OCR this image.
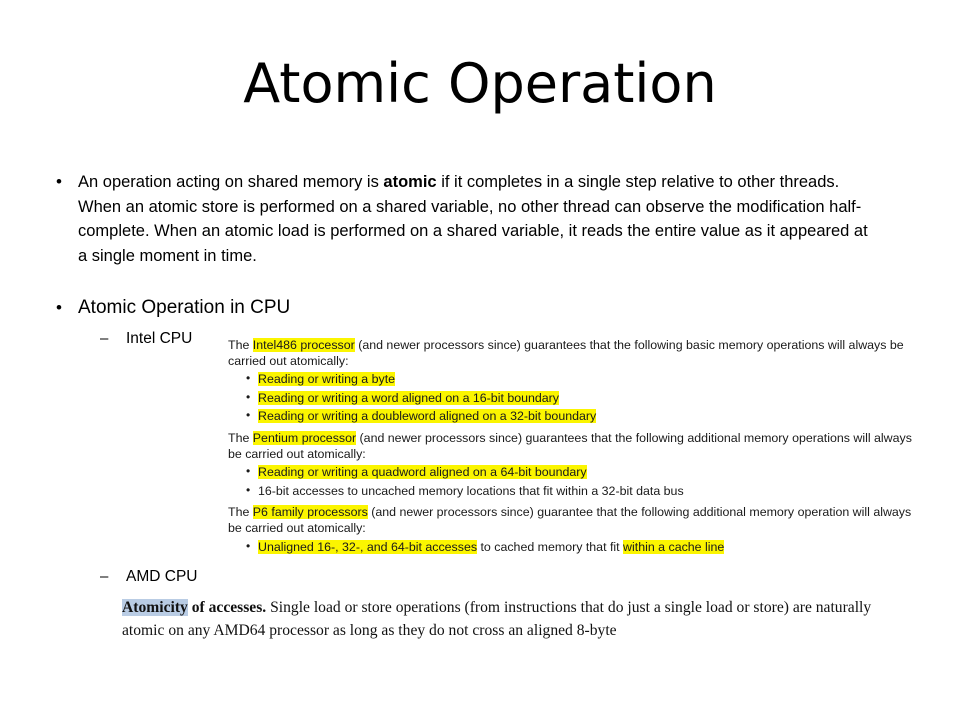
Atomic Operation
• An operation acting on shared memory is atomic if it completes in a single step relative to other threads. When an atomic store is performed on a shared variable, no other thread can observe the modification half-complete. When an atomic load is performed on a shared variable, it reads the entire value as it appeared at a single moment in time.
• Atomic Operation in CPU
–	Intel CPU	The Intel486 processor (and newer processors since) guarantees that the following basic memory operations will always be carried out atomically:

• Reading or writing a byte
• Reading or writing a word aligned on a 16-bit boundary
• Reading or writing a doubleword aligned on a 32-bit boundary

The Pentium processor (and newer processors since) guarantees that the following additional memory operations will always be carried out atomically:

• Reading or writing a quadword aligned on a 64-bit boundary
• 16-bit accesses to uncached memory locations that fit within a 32-bit data bus

The P6 family processors (and newer processors since) guarantee that the following additional memory operation will always be carried out atomically:

• Unaligned 16-, 32-, and 64-bit accesses to cached memory that fit within a cache line
–	AMD CPU
Atomicity of accesses. Single load or store operations (from instructions that do just a single load or store) are naturally atomic on any AMD64 processor as long as they do not cross an aligned 8-byte
